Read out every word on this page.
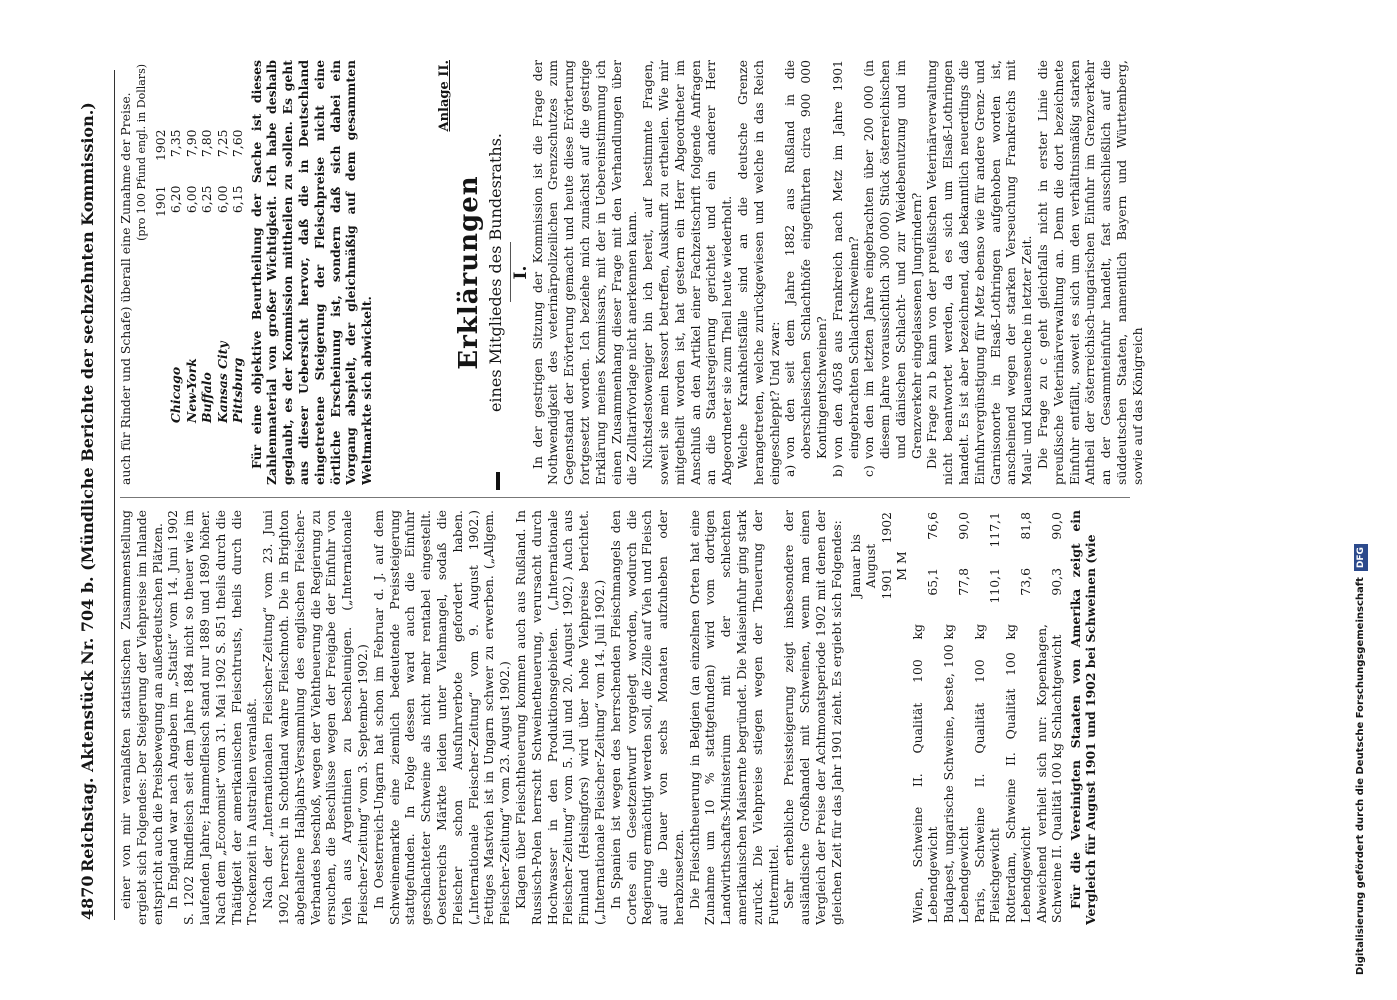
4870
Reichstag. Aktenstück Nr. 704 b. (Mündliche Berichte der sechzehnten Kommission.) einer von mir veranlaßten statistischen Zusammenstellung ergiebt sich Folgendes: Der Steigerung der Viehpreise im Inlande entspricht auch die Preisbewegung an außerdeutschen Plätzen. In England war nach Angaben im „Statist“ vom 14. Juni 1902 S. 1202 Rindfleisch seit dem Jahre 1884 nicht so theuer wie im laufenden Jahre; Hammelfleisch stand nur 1889 und 1890 höher. Nach dem „Economist“ vom 31. Mai 1902 S. 851 theils durch die Thätigkeit der amerikanischen Fleischtrusts, theils durch die Trockenzeit in Australien veranlaßt. Nach der „Internationalen Fleischer-Zeitung“ vom 23. Juni 1902 herrscht in Schottland wahre Fleischnoth. Die in Brighton abgehaltene Halbjahrs-Versammlung des englischen Fleischer-Verbandes beschloß, wegen der Viehtheuerung die Regierung zu ersuchen, die Beschlüsse wegen der Freigabe der Einfuhr von Vieh aus Argentinien zu beschleunigen. („Internationale Fleischer-Zeitung“ vom 3. September 1902.) In Oesterreich-Ungarn hat schon im Februar d. J. auf dem Schweinemarkte eine ziemlich bedeutende Preissteigerung stattgefunden. In Folge dessen ward auch die Einfuhr geschlachteter Schweine als nicht mehr rentabel eingestellt. Oesterreichs Märkte leiden unter Viehmangel, sodaß die Fleischer schon Ausfuhrverbote gefordert haben. („Internationale Fleischer-Zeitung“ vom 9. August 1902.) Fettiges Mastvieh ist in Ungarn schwer zu erwerben. („Allgem. Fleischer-Zeitung“ vom 23. August 1902.) Klagen über Fleischtheuerung kommen auch aus Rußland. In Russisch-Polen herrscht Schweinetheuerung, verursacht durch Hochwasser in den Produktionsgebieten. („Internationale Fleischer-Zeitung“ vom 5. Juli und 20. August 1902.) Auch aus Finnland (Helsingfors) wird über hohe Viehpreise berichtet. („Internationale Fleischer-Zeitung“ vom 14. Juli 1902.) In Spanien ist wegen des herrschenden Fleischmangels den Cortes ein Gesetzentwurf vorgelegt worden, wodurch die Regierung ermächtigt werden soll, die Zölle auf Vieh und Fleisch auf die Dauer von sechs Monaten aufzuheben oder herabzusetzen. Die Fleischtheuerung in Belgien (an einzelnen Orten hat eine Zunahme um 10 % stattgefunden) wird vom dortigen Landwirthschafts-Ministerium mit der schlechten amerikanischen Maisernte begründet. Die Maiseinfuhr ging stark zurück. Die Viehpreise stiegen wegen der Theuerung der Futtermittel. Sehr erhebliche Preissteigerung zeigt insbesondere der ausländische Großhandel mit Schweinen, wenn man einen Vergleich der Preise der Achtmonatsperiode 1902 mit denen der gleichen Zeit für das Jahr 1901 zieht. Es ergiebt sich Folgendes:

	Januar bis August	
	1901	1902
	M M	
Wien, Schweine II. Qualität 100 kg Lebendgewicht	65,1	76,6
Budapest, ungarische Schweine, beste, 100 kg Lebendgewicht	77,8	90,0
Paris, Schweine II. Qualität 100 kg Fleischgewicht	110,1	117,1
Rotterdam, Schweine II. Qualität 100 kg Lebendgewicht	73,6	81,8
Abweichend verhielt sich nur: Kopenhagen, Schweine II. Qualität 100 kg Schlachtgewicht	90,3	90,0 Für die Vereinigten Staaten von Amerika zeigt ein Vergleich für August 1901 und 1902 bei Schweinen (wie

auch für Rinder und Schafe) überall eine Zunahme der Preise. (pro 100 Pfund engl. in Dollars)
	1901	1902
Chicago	6,20	7,35
New-York	6,00	7,90
Buffalo	6,25	7,80
Kansas City	6,00	7,25
Pittsburg	6,15	7,60 Für eine objektive Beurtheilung der Sache ist dieses Zahlenmaterial von großer Wichtigkeit. Ich habe deshalb geglaubt, es der Kommission mittheilen zu sollen. Es geht aus dieser Uebersicht hervor, daß die in Deutschland eingetretene Steigerung der Fleischpreise nicht eine örtliche Erscheinung ist, sondern daß sich dabei ein Vorgang abspielt, der gleichmäßig auf dem gesammten Weltmarkte sich abwickelt.

Anlage II.

Erklärungen eines Mitgliedes des Bundesraths. I.

In der gestrigen Sitzung der Kommission ist die Frage der Nothwendigkeit des veterinärpolizeilichen Grenzschutzes zum Gegenstand der Erörterung gemacht und heute diese Erörterung fortgesetzt worden. Ich beziehe mich zunächst auf die gestrige Erklärung meines Kommissars, mit der in Uebereinstimmung ich einen Zusammenhang dieser Frage mit den Verhandlungen über die Zolltarifvorlage nicht anerkennen kann. Nichtsdestoweniger bin ich bereit, auf bestimmte Fragen, soweit sie mein Ressort betreffen, Auskunft zu ertheilen. Wie mir mitgetheilt worden ist, hat gestern ein Herr Abgeordneter im Anschluß an den Artikel einer Fachzeitschrift folgende Anfragen an die Staatsregierung gerichtet und ein anderer Herr Abgeordneter sie zum Theil heute wiederholt. Welche Krankheitsfälle sind an die deutsche Grenze herangetreten, welche zurückgewiesen und welche in das Reich eingeschleppt? Und zwar: a)
von den seit dem Jahre 1882 aus Rußland in die oberschlesischen Schlachthöfe eingeführten circa 900 000 Kontingentschweinen?

b)
von den 4058 aus Frankreich nach Metz im Jahre 1901 eingebrachten Schlachtschweinen?

c)
von den im letzten Jahre eingebrachten über 200 000 (in diesem Jahre voraussichtlich 300 000) Stück österreichischen und dänischen Schlacht- und zur Weidebenutzung und im Grenzverkehr eingelassenen Jungrindern? Die Frage zu b kann von der preußischen Veterinärverwaltung nicht beantwortet werden, da es sich um Elsaß-Lothringen handelt. Es ist aber bezeichnend, daß bekanntlich neuerdings die Einfuhrvergünstigung für Metz ebenso wie für andere Grenz- und Garnisonorte in Elsaß-Lothringen aufgehoben worden ist, anscheinend wegen der starken Verseuchung Frankreichs mit Maul- und Klauenseuche in letzter Zeit. Die Frage zu c geht gleichfalls nicht in erster Linie die preußische Veterinärverwaltung an. Denn die dort bezeichnete Einfuhr entfällt, soweit es sich um den verhältnismäßig starken Antheil der österreichisch-ungarischen Einfuhr im Grenzverkehr an der Gesammteinfuhr handelt, fast ausschließlich auf die süddeutschen Staaten, namentlich Bayern und Württemberg, sowie auf das Königreich

Digitalisierung gefördert durch die Deutsche ForschungsgemeinschaftDFG
